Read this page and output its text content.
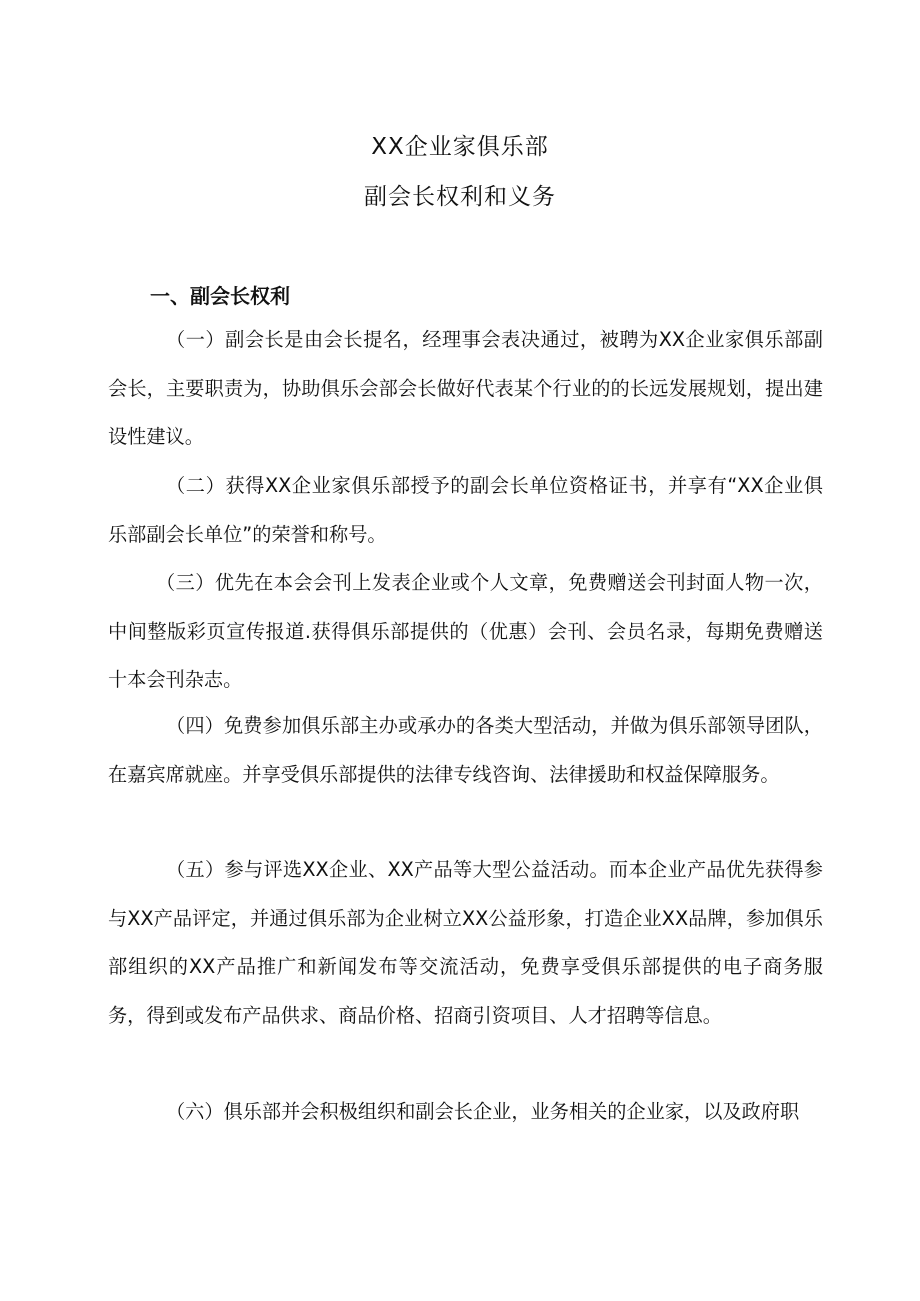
XX企业家俱乐部
副会长权利和义务
一、副会长权利

（一）副会长是由会长提名，经理事会表决通过，被聘为XX企业家俱乐部副会长，主要职责为，协助俱乐会部会长做好代表某个行业的的长远发展规划，提出建设性建议。

（二）获得XX企业家俱乐部授予的副会长单位资格证书，并享有“XX企业俱乐部副会长单位”的荣誉和称号。

（三）优先在本会会刊上发表企业或个人文章，免费赠送会刊封面人物一次，中间整版彩页宣传报道.获得俱乐部提供的（优惠）会刊、会员名录，每期免费赠送十本会刊杂志。

（四）免费参加俱乐部主办或承办的各类大型活动，并做为俱乐部领导团队，在嘉宾席就座。并享受俱乐部提供的法律专线咨询、法律援助和权益保障服务。

（五）参与评选XX企业、XX产品等大型公益活动。而本企业产品优先获得参与XX产品评定，并通过俱乐部为企业树立XX公益形象，打造企业XX品牌，参加俱乐部组织的XX产品推广和新闻发布等交流活动，免费享受俱乐部提供的电子商务服务，得到或发布产品供求、商品价格、招商引资项目、人才招聘等信息。

（六）俱乐部并会积极组织和副会长企业，业务相关的企业家，以及政府职
